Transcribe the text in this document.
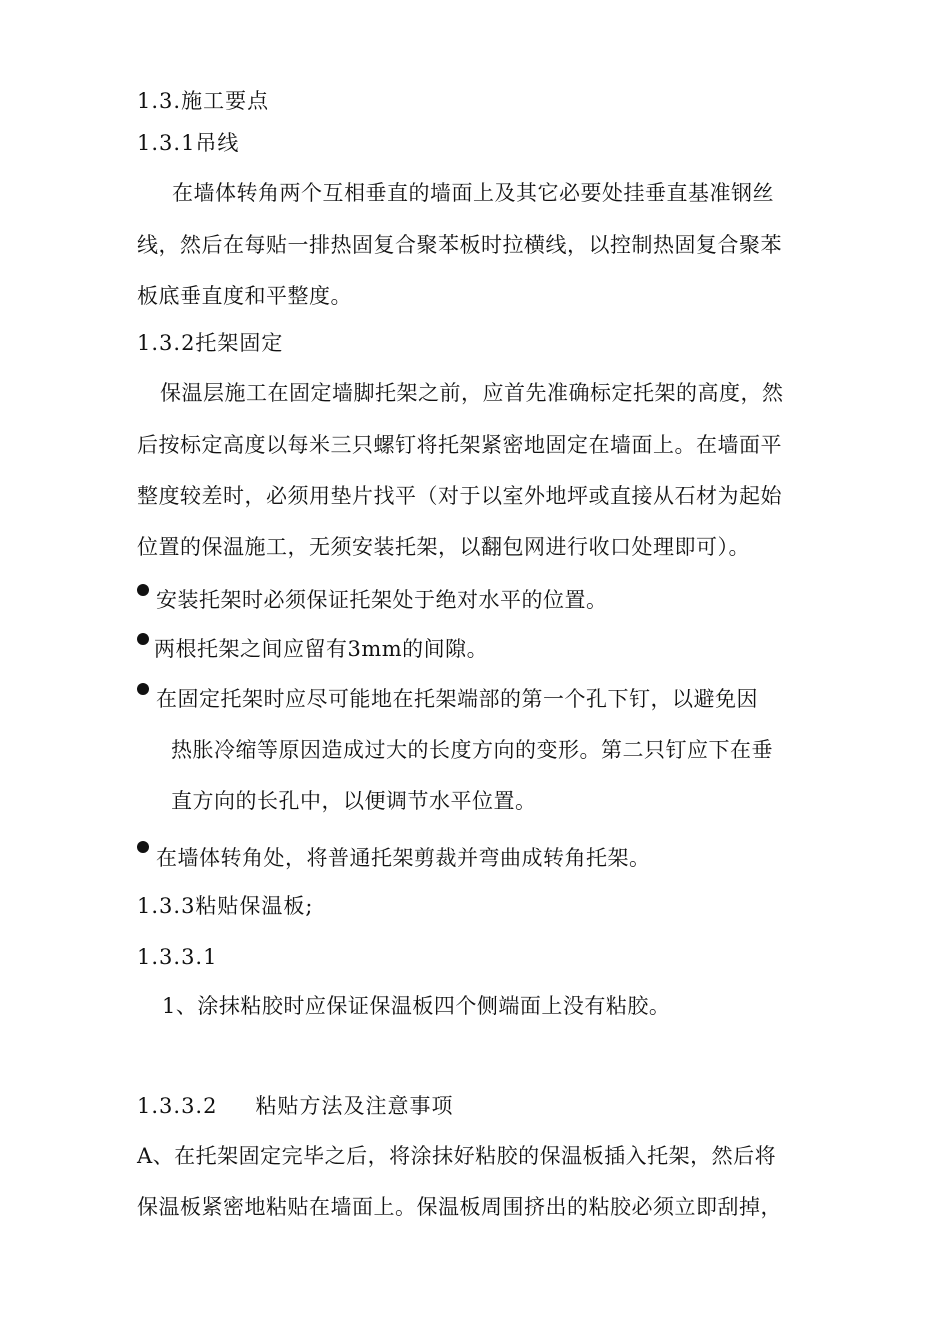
1.3.施工要点
1.3.1吊线
在墙体转角两个互相垂直的墙面上及其它必要处挂垂直基准钢丝
线，然后在每贴一排热固复合聚苯板时拉横线，以控制热固复合聚苯
板底垂直度和平整度。
1.3.2托架固定
保温层施工在固定墙脚托架之前，应首先准确标定托架的高度，然
后按标定高度以每米三只螺钉将托架紧密地固定在墙面上。在墙面平
整度较差时，必须用垫片找平（对于以室外地坪或直接从石材为起始
位置的保温施工，无须安装托架，以翻包网进行收口处理即可）。
安装托架时必须保证托架处于绝对水平的位置。
两根托架之间应留有3mm的间隙。
在固定托架时应尽可能地在托架端部的第一个孔下钉，以避免因
热胀冷缩等原因造成过大的长度方向的变形。第二只钉应下在垂
直方向的长孔中，以便调节水平位置。
在墙体转角处，将普通托架剪裁并弯曲成转角托架。
1.3.3粘贴保温板;
1.3.3.1
1、涂抹粘胶时应保证保温板四个侧端面上没有粘胶。
1.3.3.2 粘贴方法及注意事项
A、在托架固定完毕之后，将涂抹好粘胶的保温板插入托架，然后将
保温板紧密地粘贴在墙面上。保温板周围挤出的粘胶必须立即刮掉，
